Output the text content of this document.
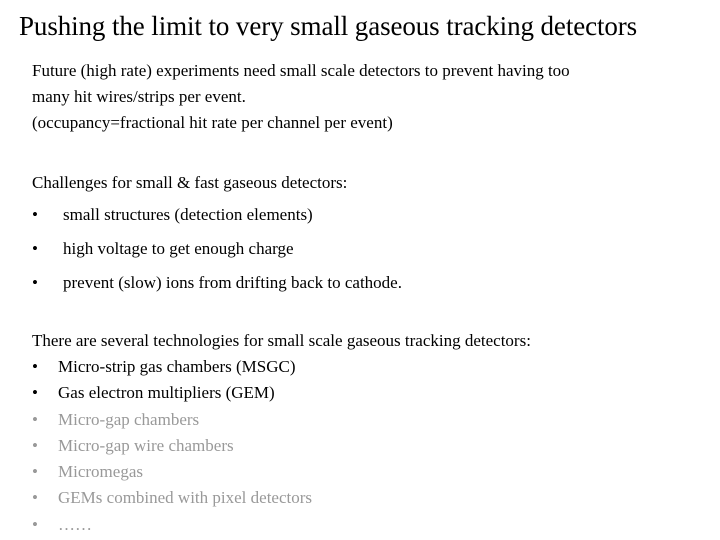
Pushing the limit to very small gaseous tracking detectors
Future (high rate) experiments need small scale detectors to prevent having too
many hit wires/strips per event.
(occupancy=fractional hit rate per channel per event)
Challenges for small & fast gaseous detectors:
• small structures (detection elements)
• high voltage to get enough charge
• prevent (slow) ions from drifting back to cathode.
There are several technologies for small scale gaseous tracking detectors:
• Micro-strip gas chambers (MSGC)
• Gas electron multipliers (GEM)
• Micro-gap chambers
• Micro-gap wire chambers
• Micromegas
• GEMs combined with pixel detectors
• ……
